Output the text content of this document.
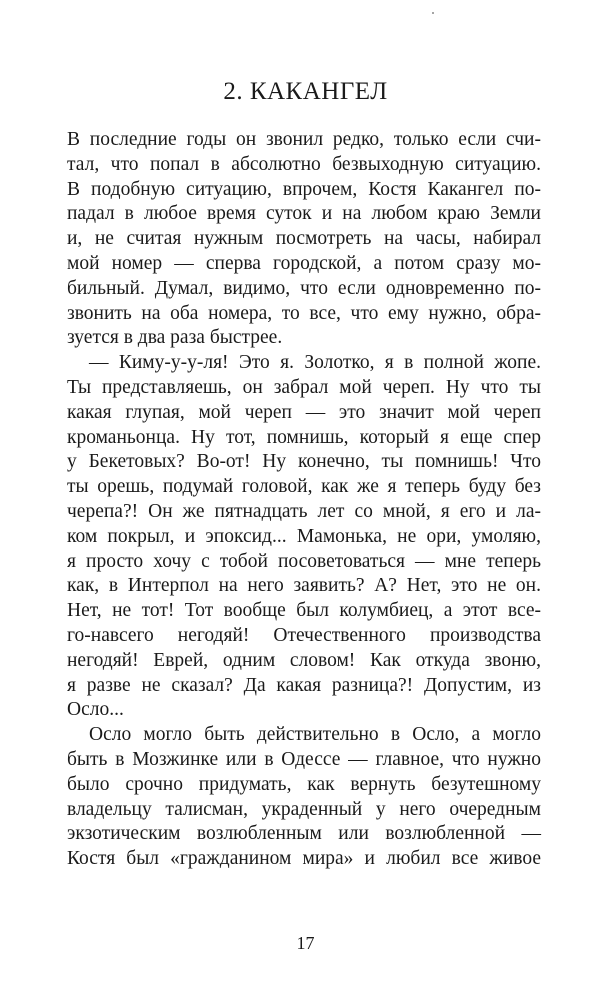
2. КАКАНГЕЛ
В последние годы он звонил редко, только если счи-
тал, что попал в абсолютно безвыходную ситуацию.
В подобную ситуацию, впрочем, Костя Какангел по-
падал в любое время суток и на любом краю Земли
и, не считая нужным посмотреть на часы, набирал
мой номер — сперва городской, а потом сразу мо-
бильный. Думал, видимо, что если одновременно по-
звонить на оба номера, то все, что ему нужно, обра-
зуется в два раза быстрее.
— Киму-у-у-ля! Это я. Золотко, я в полной жопе.
Ты представляешь, он забрал мой череп. Ну что ты
какая глупая, мой череп — это значит мой череп
кроманьонца. Ну тот, помнишь, который я еще спер
у Бекетовых? Во-от! Ну конечно, ты помнишь! Что
ты орешь, подумай головой, как же я теперь буду без
черепа?! Он же пятнадцать лет со мной, я его и ла-
ком покрыл, и эпоксид... Мамонька, не ори, умоляю,
я просто хочу с тобой посоветоваться — мне теперь
как, в Интерпол на него заявить? А? Нет, это не он.
Нет, не тот! Тот вообще был колумбиец, а этот все-
го-навсего негодяй! Отечественного производства
негодяй! Еврей, одним словом! Как откуда звоню,
я разве не сказал? Да какая разница?! Допустим, из
Осло...
Осло могло быть действительно в Осло, а могло
быть в Мозжинке или в Одессе — главное, что нужно
было срочно придумать, как вернуть безутешному
владельцу талисман, украденный у него очередным
экзотическим возлюбленным или возлюбленной —
Костя был «гражданином мира» и любил все живое
17
